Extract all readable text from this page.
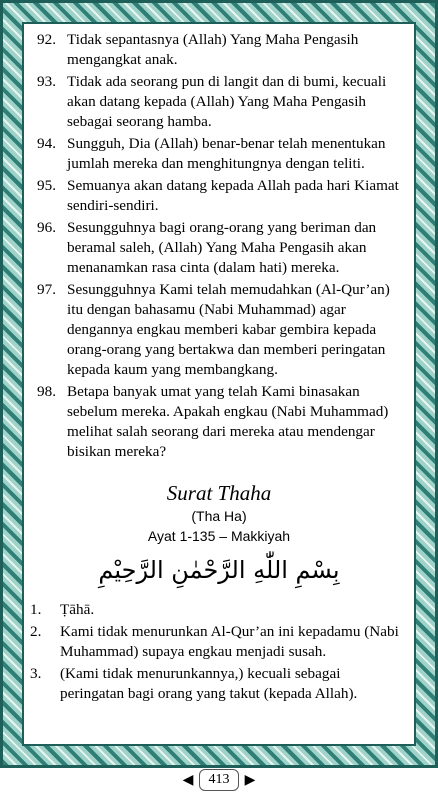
92. Tidak sepantasnya (Allah) Yang Maha Pengasih mengangkat anak.
93. Tidak ada seorang pun di langit dan di bumi, kecuali akan datang kepada (Allah) Yang Maha Pengasih sebagai seorang hamba.
94. Sungguh, Dia (Allah) benar-benar telah menentukan jumlah mereka dan menghitungnya dengan teliti.
95. Semuanya akan datang kepada Allah pada hari Kiamat sendiri-sendiri.
96. Sesungguhnya bagi orang-orang yang beriman dan beramal saleh, (Allah) Yang Maha Pengasih akan menanamkan rasa cinta (dalam hati) mereka.
97. Sesungguhnya Kami telah memudahkan (Al-Qur’an) itu dengan bahasamu (Nabi Muhammad) agar dengannya engkau memberi kabar gembira kepada orang-orang yang bertakwa dan memberi peringatan kepada kaum yang membangkang.
98. Betapa banyak umat yang telah Kami binasakan sebelum mereka. Apakah engkau (Nabi Muhammad) melihat salah seorang dari mereka atau mendengar bisikan mereka?
Surat Thaha
(Tha Ha)
Ayat 1-135 – Makkiyah
بِسْمِ اللّٰهِ الرَّحْمٰنِ الرَّحِيْمِ
1.	Ṭāhā.
2.	Kami tidak menurunkan Al-Qur’an ini kepadamu (Nabi Muhammad) supaya engkau menjadi susah.
3.	(Kami tidak menurunkannya,) kecuali sebagai peringatan bagi orang yang takut (kepada Allah).
◀	413	▶
